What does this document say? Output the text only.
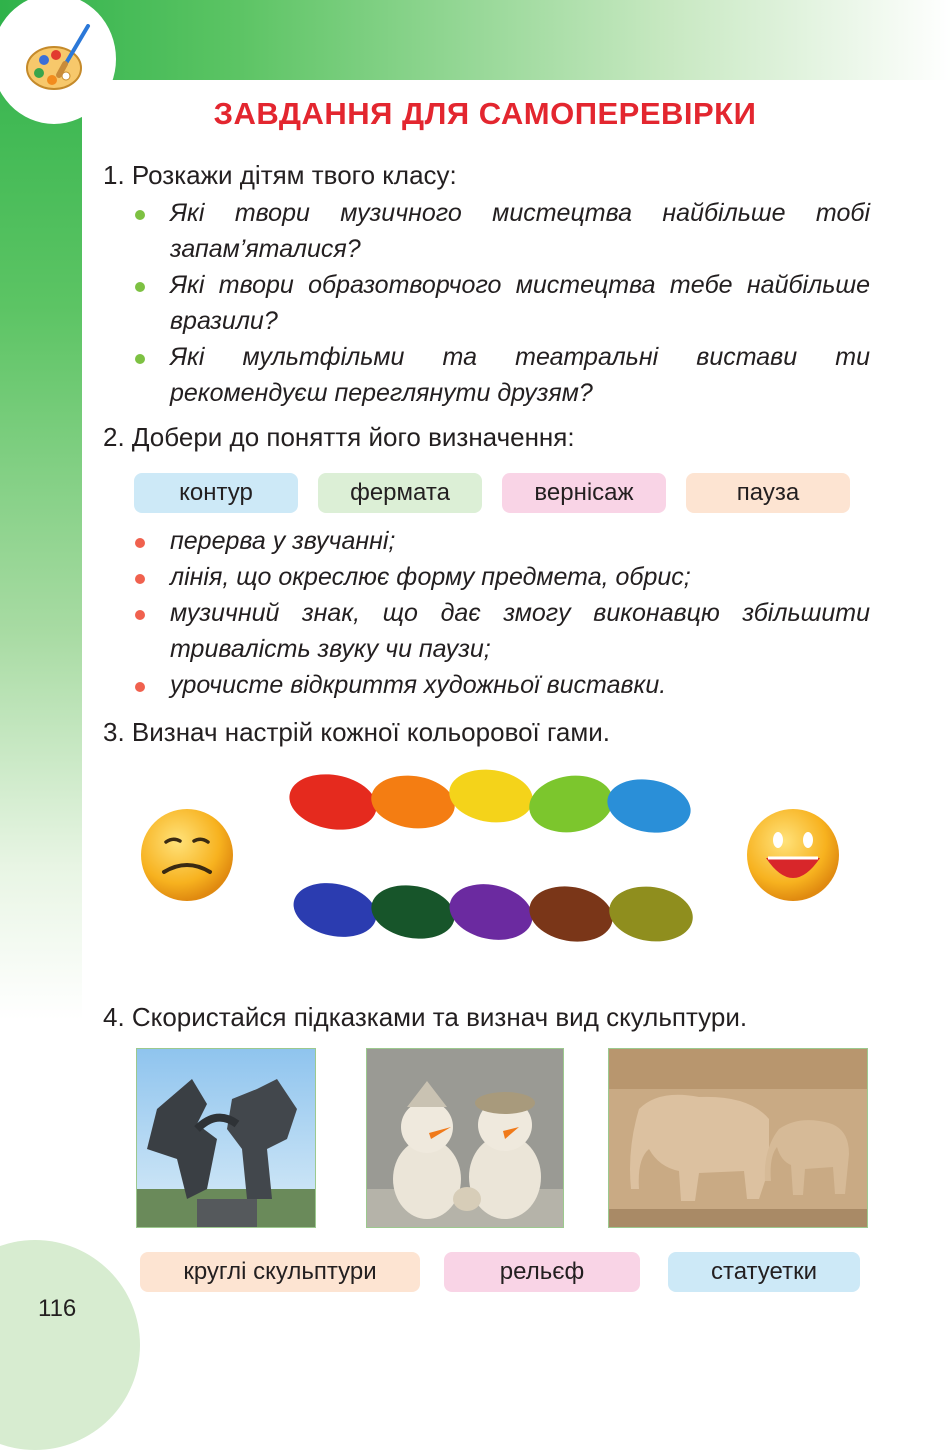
ЗАВДАННЯ ДЛЯ САМОПЕРЕВІРКИ
1. Розкажи дітям твого класу:
Які твори музичного мистецтва найбільше тобі запам’яталися?
Які твори образотворчого мистецтва тебе найбільше вразили?
Які мультфільми та театральні вистави ти рекомендуєш переглянути друзям?
2. Добери до поняття його визначення:
контур	фермата	вернісаж	пауза
перерва у звучанні;
лінія, що окреслює форму предмета, обрис;
музичний знак, що дає змогу виконавцю збільшити тривалість звуку чи паузи;
урочисте відкриття художньої виставки.
3. Визнач настрій кожної кольорової гами.
4. Скористайся підказками та визнач вид скульптури.
круглі скульптури	рельєф	статуетки
116
